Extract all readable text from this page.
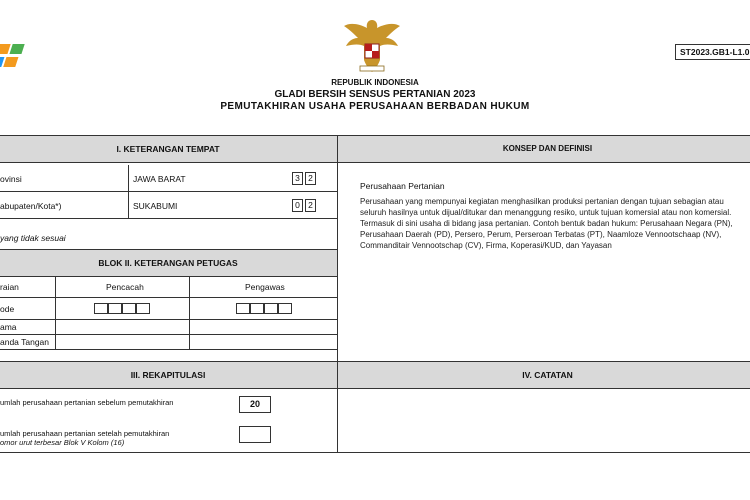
REPUBLIK INDONESIA
GLADI BERSIH SENSUS PERTANIAN 2023
PEMUTAKHIRAN USAHA PERUSAHAAN BERBADAN HUKUM
ST2023.GB1-L1.0
I. KETERANGAN TEMPAT
ovinsi	JAWA BARAT	3 2
abupaten/Kota*)	SUKABUMI	0 2
yang tidak sesuai
BLOK II. KETERANGAN PETUGAS
raian	Pencacah	Pengawas
ode
ama
anda Tangan
III. REKAPITULASI
umlah perusahaan pertanian sebelum pemutakhiran	20
umlah perusahaan pertanian setelah pemutakhiran
omor urut terbesar Blok V Kolom (16)
KONSEP DAN DEFINISI
Perusahaan Pertanian
Perusahaan yang mempunyai kegiatan menghasilkan produksi pertanian dengan tujuan sebagian atau
seluruh hasilnya untuk dijual/ditukar dan menanggung resiko, untuk tujuan komersial atau non komersial.
Termasuk di sini usaha di bidang jasa pertanian. Contoh bentuk badan hukum: Perusahaan Negara (PN),
Perusahaan Daerah (PD), Persero, Perum, Perseroan Terbatas (PT), Naamloze Vennootschaap (NV),
Commanditair Vennootschap (CV), Firma, Koperasi/KUD, dan Yayasan
IV. CATATAN
